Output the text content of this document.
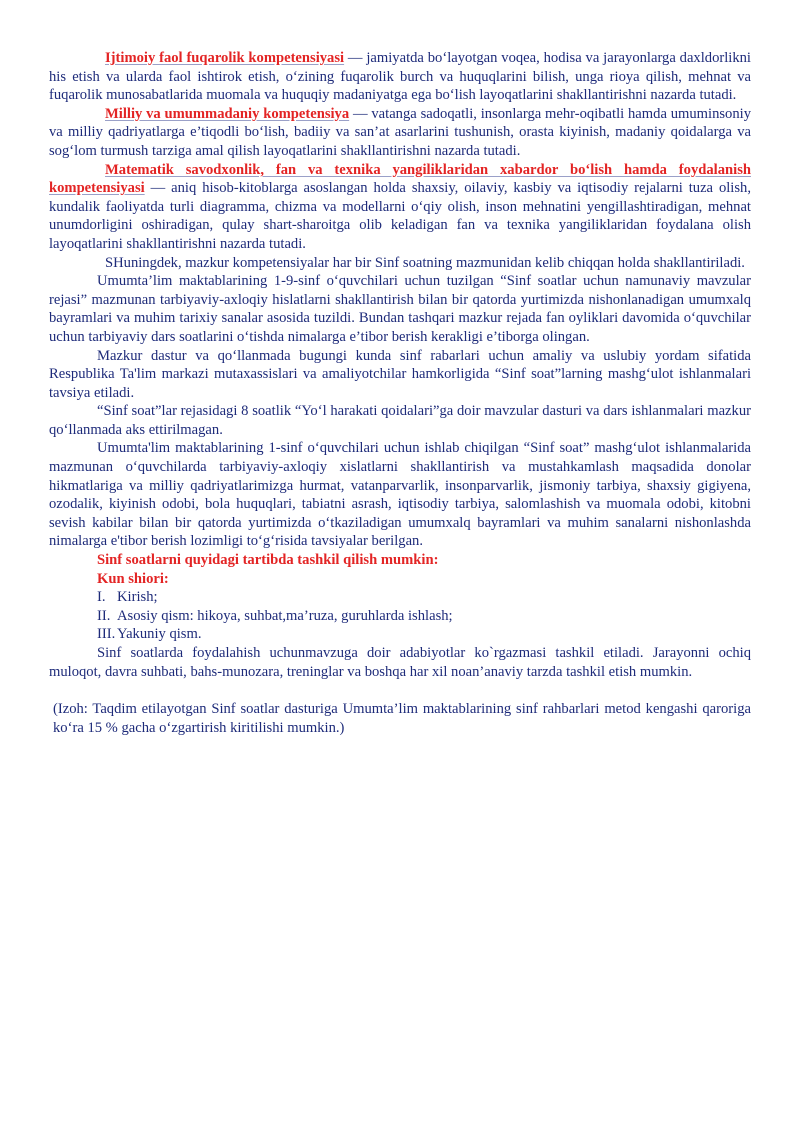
Ijtimoiy faol fuqarolik kompetensiyasi — jamiyatda bo‘layotgan voqea, hodisa va jarayonlarga daxldorlikni his etish va ularda faol ishtirok etish, o‘zining fuqarolik burch va huquqlarini bilish, unga rioya qilish, mehnat va fuqarolik munosabatlarida muomala va huquqiy madaniyatga ega bo‘lish layoqatlarini shakllantirishni nazarda tutadi.

Milliy va umummadaniy kompetensiya — vatanga sadoqatli, insonlarga mehr-oqibatli hamda umuminsoniy va milliy qadriyatlarga e’tiqodli bo‘lish, badiiy va san’at asarlarini tushunish, orasta kiyinish, madaniy qoidalarga va sog‘lom turmush tarziga amal qilish layoqatlarini shakllantirishni nazarda tutadi.

Matematik savodxonlik, fan va texnika yangiliklaridan xabardor bo‘lish hamda foydalanish kompetensiyasi — aniq hisob-kitoblarga asoslangan holda shaxsiy, oilaviy, kasbiy va iqtisodiy rejalarni tuza olish, kundalik faoliyatda turli diagramma, chizma va modellarni o‘qiy olish, inson mehnatini yengillashtiradigan, mehnat unumdorligini oshiradigan, qulay shart-sharoitga olib keladigan fan va texnika yangiliklaridan foydalana olish layoqatlarini shakllantirishni nazarda tutadi.

SHuningdek, mazkur kompetensiyalar har bir Sinf soatning mazmunidan kelib chiqqan holda shakllantiriladi.

Umumta’lim maktablarining 1-9-sinf o‘quvchilari uchun tuzilgan “Sinf soatlar uchun namunaviy mavzular rejasi” mazmunan tarbiyaviy-axloqiy hislatlarni shakllantirish bilan bir qatorda yurtimizda nishonlanadigan umumxalq bayramlari va muhim tarixiy sanalar asosida tuzildi. Bundan tashqari mazkur rejada fan oyliklari davomida o‘quvchilar uchun tarbiyaviy dars soatlarini o‘tishda nimalarga e’tibor berish kerakligi e’tiborga olingan.

Mazkur dastur va qo‘llanmada bugungi kunda sinf rabarlari uchun amaliy va uslubiy yordam sifatida Respublika Ta'lim markazi mutaxassislari va amaliyotchilar hamkorligida “Sinf soat”larning mashg‘ulot ishlanmalari tavsiya etiladi.

“Sinf soat”lar rejasidagi 8 soatlik “Yo‘l harakati qoidalari”ga doir mavzular dasturi va dars ishlanmalari mazkur qo‘llanmada aks ettirilmagan.

Umumta'lim maktablarining 1-sinf o‘quvchilari uchun ishlab chiqilgan “Sinf soat” mashg‘ulot ishlanmalarida mazmunan o‘quvchilarda tarbiyaviy-axloqiy xislatlarni shakllantirish va mustahkamlash maqsadida donolar hikmatlariga va milliy qadriyatlarimizga hurmat, vatanparvarlik, insonparvarlik, jismoniy tarbiya, shaxsiy gigiyena, ozodalik, kiyinish odobi, bola huquqlari, tabiatni asrash, iqtisodiy tarbiya, salomlashish va muomala odobi, kitobni sevish kabilar bilan bir qatorda yurtimizda o‘tkaziladigan umumxalq bayramlari va muhim sanalarni nishonlashda nimalarga e'tibor berish lozimligi to‘g‘risida tavsiyalar berilgan.

Sinf soatlarni quyidagi tartibda tashkil qilish mumkin:

Kun shiori:

I. Kirish;
II. Asosiy qism: hikoya, suhbat,ma’ruza, guruhlarda ishlash;
III. Yakuniy qism.

Sinf soatlarda foydalahish uchunmavzuga doir adabiyotlar ko`rgazmasi tashkil etiladi. Jarayonni ochiq muloqot, davra suhbati, bahs-munozara, treninglar va boshqa har xil noan’anaviy tarzda tashkil etish mumkin.

(Izoh: Taqdim etilayotgan Sinf soatlar dasturiga Umumta’lim maktablarining sinf rahbarlari metod kengashi qaroriga ko‘ra 15 % gacha o‘zgartirish kiritilishi mumkin.)
